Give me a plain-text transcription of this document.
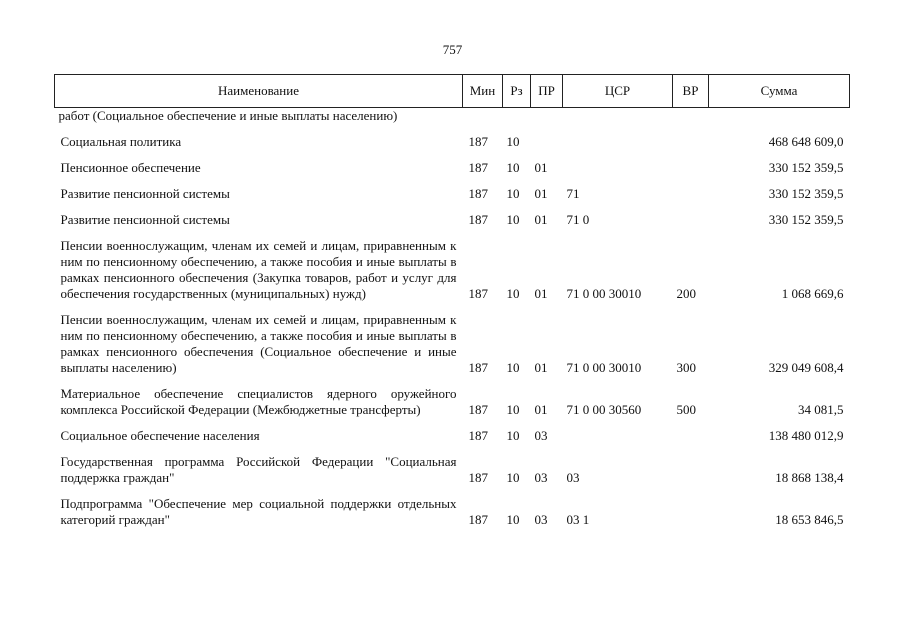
757
Наименование	Мин	Рз	ПР	ЦСР	ВР	Сумма
работ (Социальное обеспечение и иные выплаты населению)						

Социальная политика	187	10				468 648 609,0

Пенсионное обеспечение	187	10	01			330 152 359,5

Развитие пенсионной системы	187	10	01	71		330 152 359,5

Развитие пенсионной системы	187	10	01	71 0		330 152 359,5

Пенсии военнослужащим, членам их семей и лицам, приравненным к ним по пенсионному обеспечению, а также пособия и иные выплаты в рамках пенсионного обеспечения (Закупка товаров, работ и услуг для обеспечения государственных (муниципальных) нужд)	187	10	01	71 0 00 30010	200	1 068 669,6

Пенсии военнослужащим, членам их семей и лицам, приравненным к ним по пенсионному обеспечению, а также пособия и иные выплаты в рамках пенсионного обеспечения (Социальное обеспечение и иные выплаты населению)	187	10	01	71 0 00 30010	300	329 049 608,4

Материальное обеспечение специалистов ядерного оружейного комплекса Российской Федерации (Межбюджетные трансферты)	187	10	01	71 0 00 30560	500	34 081,5

Социальное обеспечение населения	187	10	03			138 480 012,9

Государственная программа Российской Федерации "Социальная поддержка граждан"	187	10	03	03		18 868 138,4

Подпрограмма "Обеспечение мер социальной поддержки отдельных категорий граждан"	187	10	03	03 1		18 653 846,5
